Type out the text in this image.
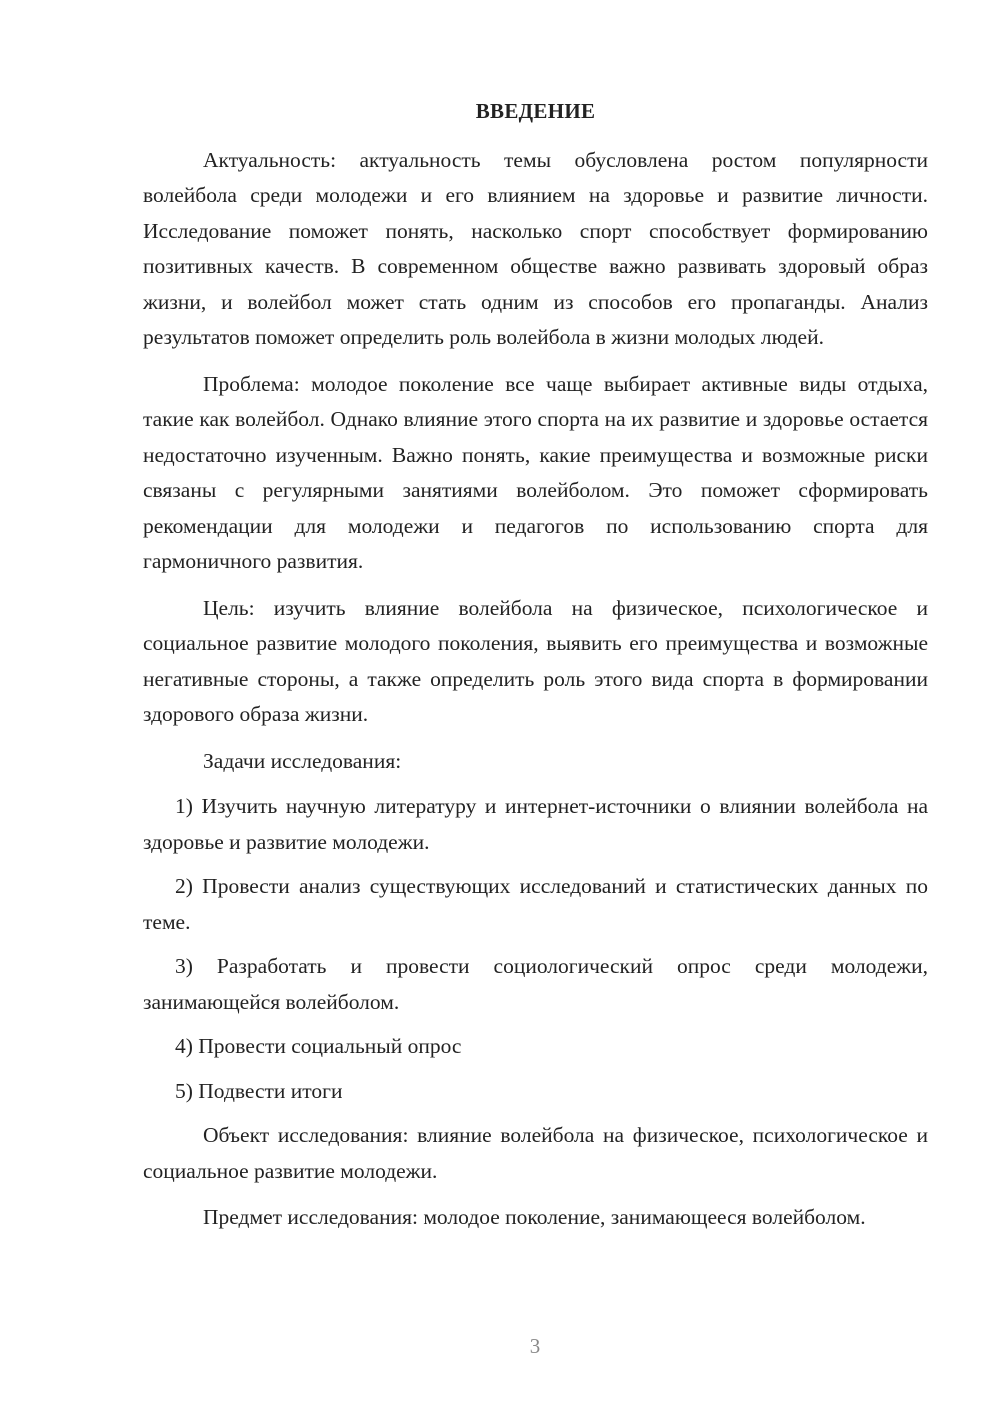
ВВЕДЕНИЕ

Актуальность: актуальность темы обусловлена ростом популярности волейбола среди молодежи и его влиянием на здоровье и развитие личности. Исследование поможет понять, насколько спорт способствует формированию позитивных качеств. В современном обществе важно развивать здоровый образ жизни, и волейбол может стать одним из способов его пропаганды. Анализ результатов поможет определить роль волейбола в жизни молодых людей.

Проблема: молодое поколение все чаще выбирает активные виды отдыха, такие как волейбол. Однако влияние этого спорта на их развитие и здоровье остается недостаточно изученным. Важно понять, какие преимущества и возможные риски связаны с регулярными занятиями волейболом. Это поможет сформировать рекомендации для молодежи и педагогов по использованию спорта для гармоничного развития.

Цель: изучить влияние волейбола на физическое, психологическое и социальное развитие молодого поколения, выявить его преимущества и возможные негативные стороны, а также определить роль этого вида спорта в формировании здорового образа жизни.

Задачи исследования:

1) Изучить научную литературу и интернет-источники о влиянии волейбола на здоровье и развитие молодежи.

2) Провести анализ существующих исследований и статистических данных по теме.

3) Разработать и провести социологический опрос среди молодежи, занимающейся волейболом.

4) Провести социальный опрос

5) Подвести итоги

Объект исследования: влияние волейбола на физическое, психологическое и социальное развитие молодежи.

Предмет исследования: молодое поколение, занимающееся волейболом.

3
